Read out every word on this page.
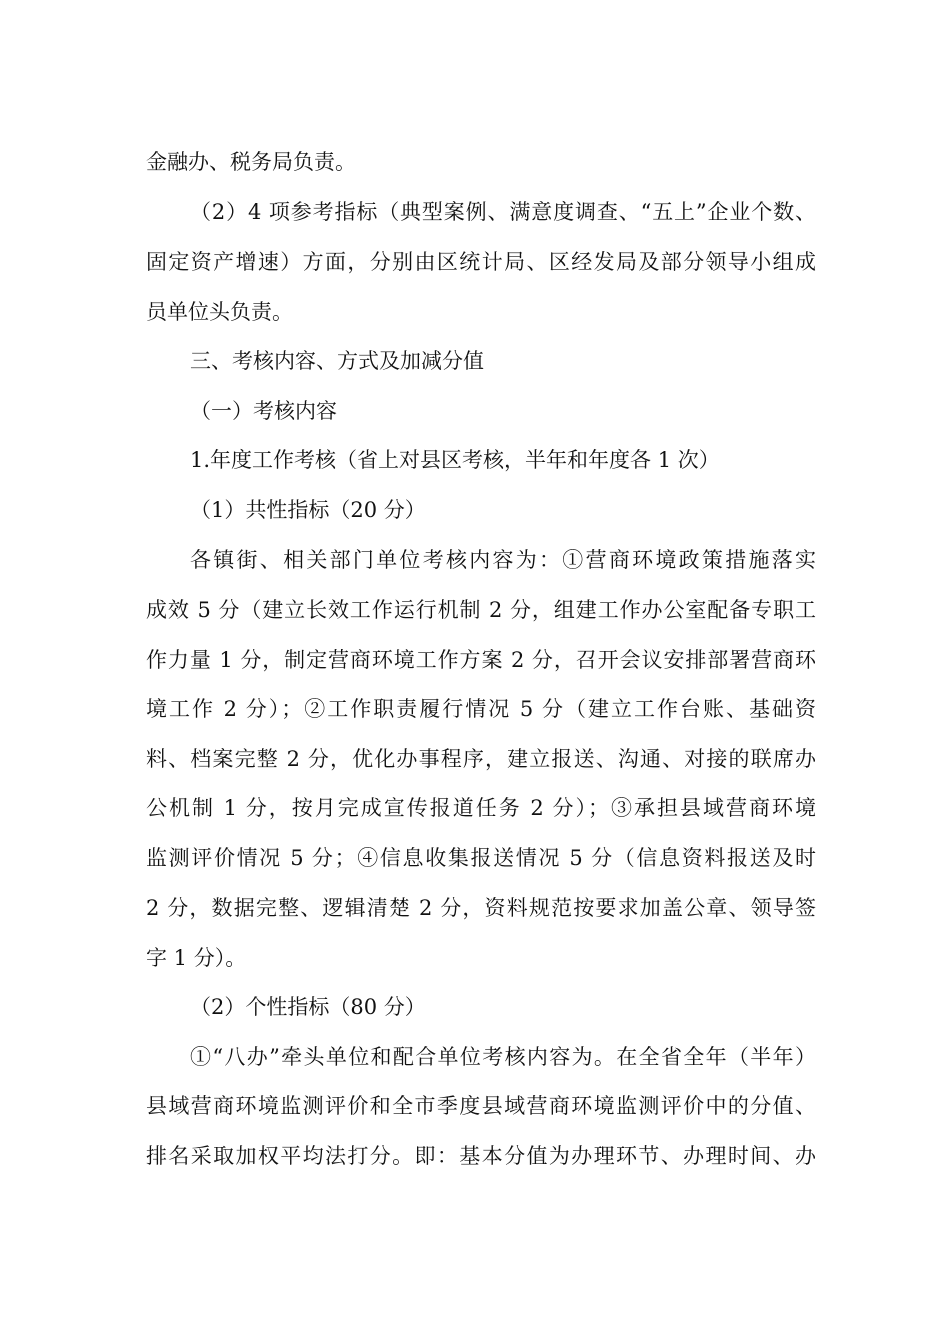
金融办、税务局负责。
（2）4 项参考指标（典型案例、满意度调查、“五上”企业个数、
固定资产增速）方面，分别由区统计局、区经发局及部分领导小组成
员单位头负责。
三、考核内容、方式及加减分值
（一）考核内容
1.年度工作考核（省上对县区考核，半年和年度各 1 次）
（1）共性指标（20 分）
各镇街、相关部门单位考核内容为：①营商环境政策措施落实
成效 5 分（建立长效工作运行机制 2 分，组建工作办公室配备专职工
作力量 1 分，制定营商环境工作方案 2 分，召开会议安排部署营商环
境工作 2 分）；②工作职责履行情况 5 分（建立工作台账、基础资
料、档案完整 2 分，优化办事程序，建立报送、沟通、对接的联席办
公机制 1 分，按月完成宣传报道任务 2 分）；③承担县域营商环境
监测评价情况 5 分；④信息收集报送情况 5 分（信息资料报送及时
2 分，数据完整、逻辑清楚 2 分，资料规范按要求加盖公章、领导签
字 1 分）。
（2）个性指标（80 分）
①“八办”牵头单位和配合单位考核内容为。在全省全年（半年）
县域营商环境监测评价和全市季度县域营商环境监测评价中的分值、
排名采取加权平均法打分。即：基本分值为办理环节、办理时间、办
